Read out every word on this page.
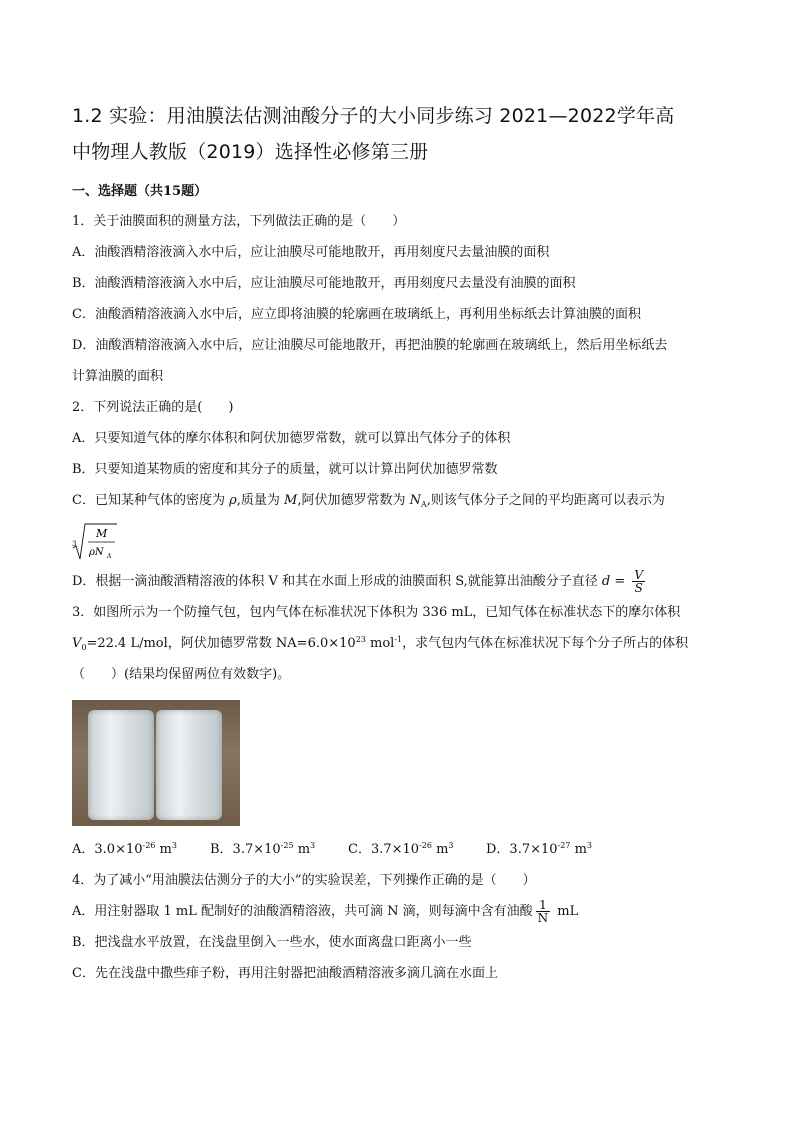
1.2 实验：用油膜法估测油酸分子的大小同步练习 2021—2022学年高
中物理人教版（2019）选择性必修第三册
一、选择题（共15题）
1．关于油膜面积的测量方法，下列做法正确的是（　　）
A．油酸酒精溶液滴入水中后，应让油膜尽可能地散开，再用刻度尺去量油膜的面积
B．油酸酒精溶液滴入水中后，应让油膜尽可能地散开，再用刻度尺去量没有油膜的面积
C．油酸酒精溶液滴入水中后，应立即将油膜的轮廓画在玻璃纸上，再利用坐标纸去计算油膜的面积
D．油酸酒精溶液滴入水中后，应让油膜尽可能地散开，再把油膜的轮廓画在玻璃纸上，然后用坐标纸去
计算油膜的面积
2．下列说法正确的是(　　)
A．只要知道气体的摩尔体积和阿伏加德罗常数，就可以算出气体分子的体积
B．只要知道某物质的密度和其分子的质量，就可以计算出阿伏加德罗常数
C．已知某种气体的密度为 ρ,质量为 M,阿伏加德罗常数为 $N_A$,则该气体分子之间的平均距离可以表示为
3
M
ρN A
D．根据一滴油酸酒精溶液的体积 V 和其在水面上形成的油膜面积 S,就能算出油酸分子直径 $d = \frac{V}{S}$
3．如图所示为一个防撞气包，包内气体在标准状况下体积为 336 mL，已知气体在标准状态下的摩尔体积
$V_0=22.4$ L/mol，阿伏加德罗常数 $NA=6.0\times 10^{23}$ mol$^{-1}$，求气包内气体在标准状况下每个分子所占的体积
（　　）(结果均保留两位有效数字)。
A．$3.0\times 10^{-26}$ $m^3$	B．$3.7\times 10^{-25}$ $m^3$	C．$3.7\times 10^{-26}$ $m^3$	D．$3.7\times 10^{-27}$ $m^3$
4．为了减小“用油膜法估测分子的大小”的实验误差，下列操作正确的是（　　）
A．用注射器取 1 mL 配制好的油酸酒精溶液，共可滴 N 滴，则每滴中含有油酸 $\frac{1}{N}$ mL
B．把浅盘水平放置，在浅盘里倒入一些水，使水面离盘口距离小一些
C．先在浅盘中撒些痱子粉，再用注射器把油酸酒精溶液多滴几滴在水面上
